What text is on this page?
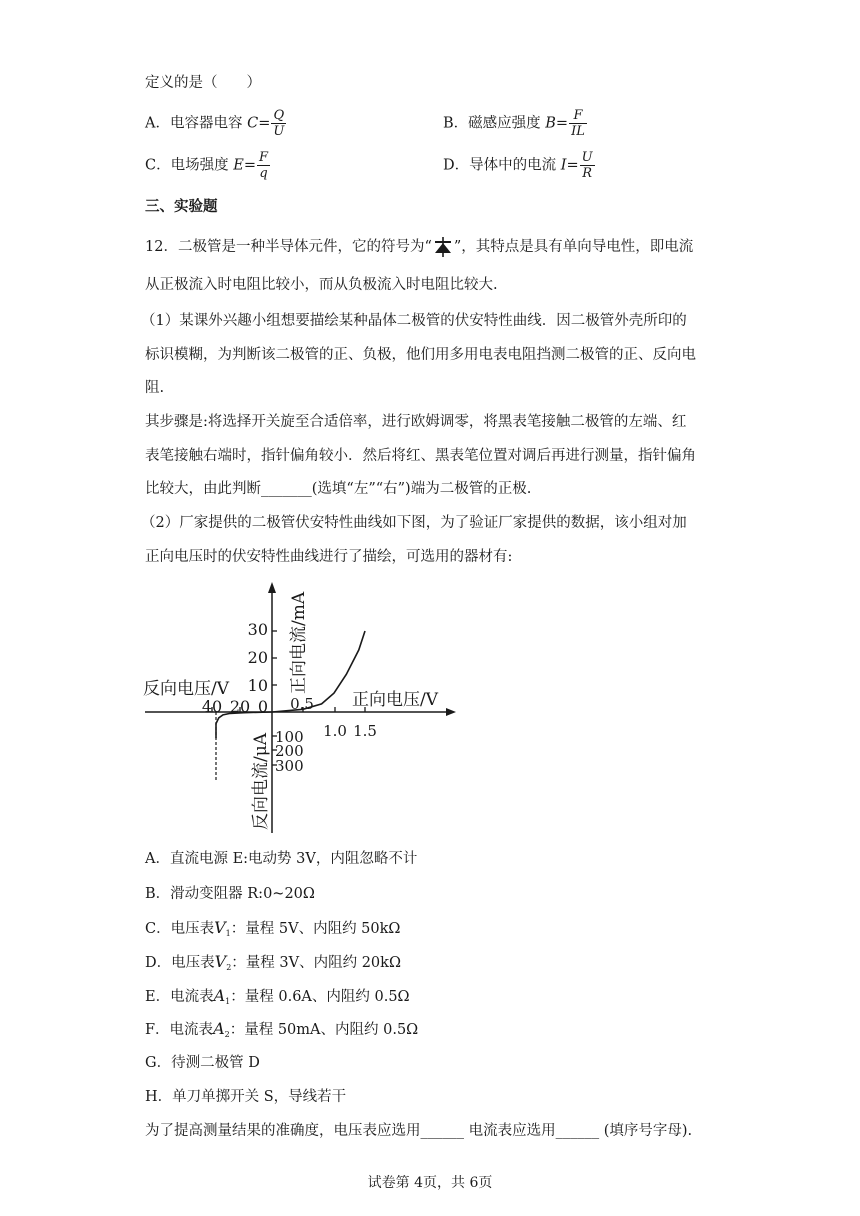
定义的是（　　）
A．电容器电容 $C= \frac{Q}{U}$	B．磁感应强度 $B= \frac{F}{IL}$
C．电场强度 $E= \frac{F}{q}$	D．导体中的电流 $I= \frac{U}{R}$
三、实验题
12．二极管是一种半导体元件，它的符号为“ ”，其特点是具有单向导电性，即电流
从正极流入时电阻比较小，而从负极流入时电阻比较大.
（1）某课外兴趣小组想要描绘某种晶体二极管的伏安特性曲线．因二极管外壳所印的
标识模糊，为判断该二极管的正、负极，他们用多用电表电阻挡测二极管的正、反向电
阻.
其步骤是:将选择开关旋至合适倍率，进行欧姆调零，将黑表笔接触二极管的左端、红
表笔接触右端时，指针偏角较小．然后将红、黑表笔位置对调后再进行测量，指针偏角
比较大，由此判断_______(选填“左”“右”)端为二极管的正极.
（2）厂家提供的二极管伏安特性曲线如下图，为了验证厂家提供的数据，该小组对加
正向电压时的伏安特性曲线进行了描绘，可选用的器材有:
30
20
10
0
40 20	0.5
1.0 1.5
100
200
300
反向电压/V
正向电压/V
正向电流/mA
反向电流/μA
A．直流电源 E:电动势 3V，内阻忽略不计
B．滑动变阻器 R:0~20Ω
C．电压表$V_1$：量程 5V、内阻约 50kΩ
D．电压表$V_2$：量程 3V、内阻约 20kΩ
E．电流表$A_1$：量程 0.6A、内阻约 0.5Ω
F．电流表$A_2$：量程 50mA、内阻约 0.5Ω
G．待测二极管 D
H．单刀单掷开关 S，导线若干
为了提高测量结果的准确度，电压表应选用______ 电流表应选用______ (填序号字母).
试卷第 4页，共 6页
